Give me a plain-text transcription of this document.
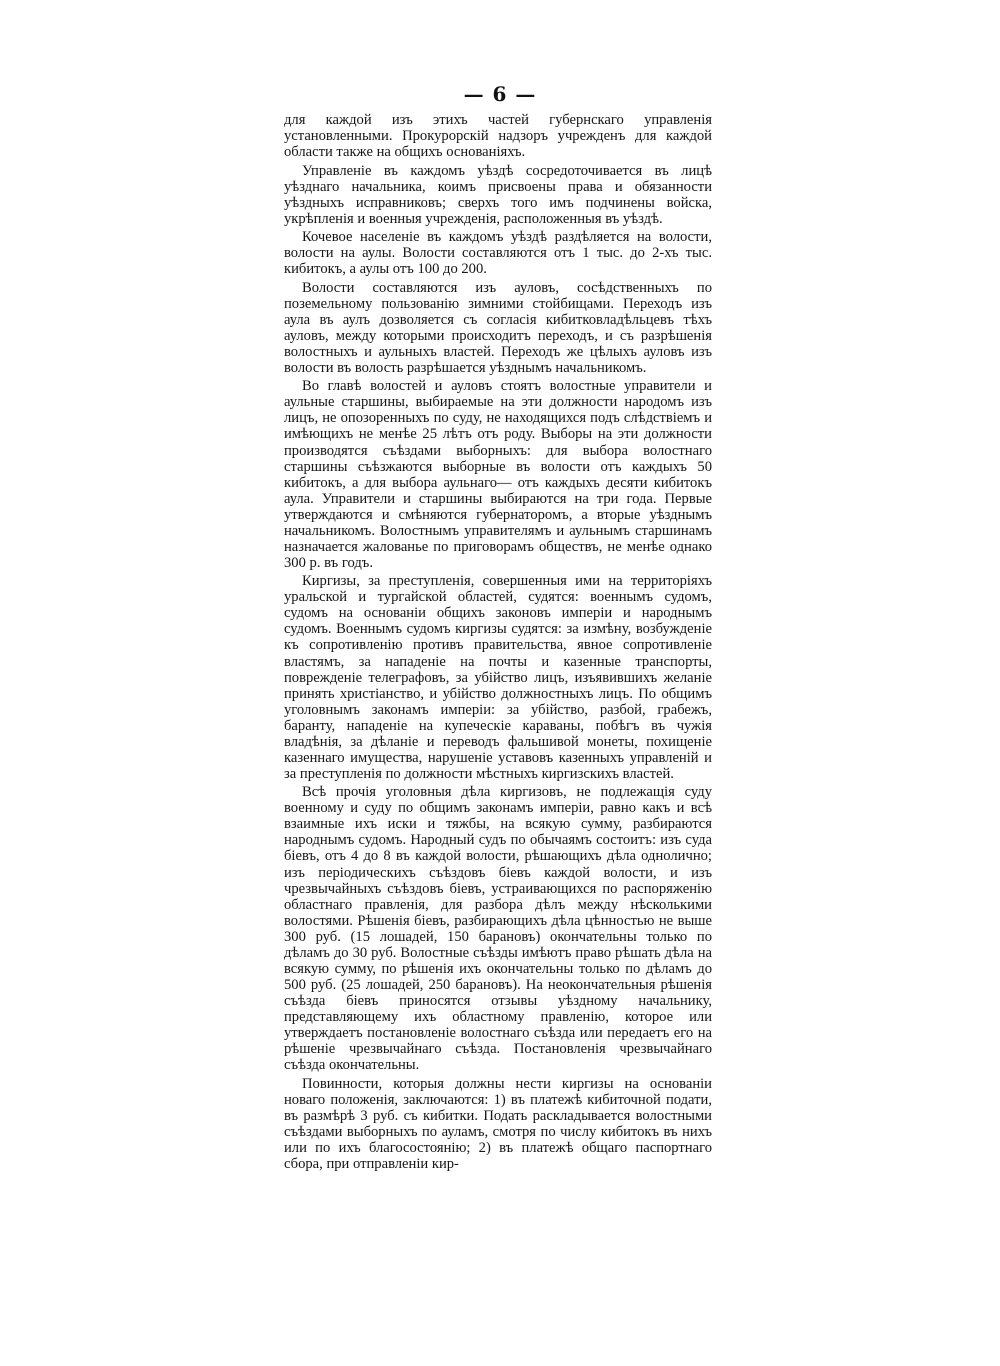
— 6 —

для каждой изъ этихъ частей губернскаго управленія установленными. Прокурорскій надзоръ учрежденъ для каждой области также на общихъ основаніяхъ.

Управленіе въ каждомъ уѣздѣ сосредоточивается въ лицѣ уѣзднаго начальника, коимъ присвоены права и обязанности уѣздныхъ исправниковъ; сверхъ того имъ подчинены войска, укрѣпленія и военныя учрежденія, расположенныя въ уѣздѣ.

Кочевое населеніе въ каждомъ уѣздѣ раздѣляется на волости, волости на аулы. Волости составляются отъ 1 тыс. до 2-хъ тыс. кибитокъ, а аулы отъ 100 до 200.

Волости составляются изъ ауловъ, сосѣдственныхъ по поземельному пользованію зимними стойбищами. Переходъ изъ аула въ аулъ дозволяется съ согласія кибитковладѣльцевъ тѣхъ ауловъ, между которыми происходитъ переходъ, и съ разрѣшенія волостныхъ и аульныхъ властей. Переходъ же цѣлыхъ ауловъ изъ волости въ волость разрѣшается уѣзднымъ начальникомъ.

Во главѣ волостей и ауловъ стоятъ волостные управители и аульные старшины, выбираемые на эти должности народомъ изъ лицъ, не опозоренныхъ по суду, не находящихся подъ слѣдствіемъ и имѣющихъ не менѣе 25 лѣтъ отъ роду. Выборы на эти должности производятся съѣздами выборныхъ: для выбора волостнаго старшины съѣзжаются выборные въ волости отъ каждыхъ 50 кибитокъ, а для выбора аульнаго— отъ каждыхъ десяти кибитокъ аула. Управители и старшины выбираются на три года. Первые утверждаются и смѣняются губернаторомъ, а вторые уѣзднымъ начальникомъ. Волостнымъ управителямъ и аульнымъ старшинамъ назначается жалованье по приговорамъ обществъ, не менѣе однако 300 р. въ годъ.

Киргизы, за преступленія, совершенныя ими на территоріяхъ уральской и тургайской областей, судятся: военнымъ судомъ, судомъ на основаніи общихъ законовъ имперіи и народнымъ судомъ. Военнымъ судомъ киргизы судятся: за измѣну, возбужденіе къ сопротивленію противъ правительства, явное сопротивленіе властямъ, за нападеніе на почты и казенные транспорты, поврежденіе телеграфовъ, за убійство лицъ, изъявившихъ желаніе принять христіанство, и убійство должностныхъ лицъ. По общимъ уголовнымъ законамъ имперіи: за убійство, разбой, грабежъ, баранту, нападеніе на купеческіе караваны, побѣгъ въ чужія владѣнія, за дѣланіе и переводъ фальшивой монеты, похищеніе казеннаго имущества, нарушеніе уставовъ казенныхъ управленій и за преступленія по должности мѣстныхъ киргизскихъ властей.

Всѣ прочія уголовныя дѣла киргизовъ, не подлежащія суду военному и суду по общимъ законамъ имперіи, равно какъ и всѣ взаимные ихъ иски и тяжбы, на всякую сумму, разбираются народнымъ судомъ. Народный судъ по обычаямъ состоитъ: изъ суда біевъ, отъ 4 до 8 въ каждой волости, рѣшающихъ дѣла однолично; изъ періодическихъ съѣздовъ біевъ каждой волости, и изъ чрезвычайныхъ съѣздовъ біевъ, устраивающихся по распоряженію областнаго правленія, для разбора дѣлъ между нѣсколькими волостями. Рѣшенія біевъ, разбирающихъ дѣла цѣнностью не выше 300 руб. (15 лошадей, 150 барановъ) окончательны только по дѣламъ до 30 руб. Волостные съѣзды имѣютъ право рѣшать дѣла на всякую сумму, по рѣшенія ихъ окончательны только по дѣламъ до 500 руб. (25 лошадей, 250 барановъ). На неокончательныя рѣшенія съѣзда біевъ приносятся отзывы уѣздному начальнику, представляющему ихъ областному правленію, которое или утверждаетъ постановленіе волостнаго съѣзда или передаетъ его на рѣшеніе чрезвычайнаго съѣзда. Постановленія чрезвычайнаго съѣзда окончательны.

Повинности, которыя должны нести киргизы на основаніи новаго положенія, заключаются: 1) въ платежѣ кибиточной подати, въ размѣрѣ 3 руб. съ кибитки. Подать раскладывается волостными съѣздами выборныхъ по ауламъ, смотря по числу кибитокъ въ нихъ или по ихъ благосостоянію; 2) въ платежѣ общаго паспортнаго сбора, при отправленіи кир-
